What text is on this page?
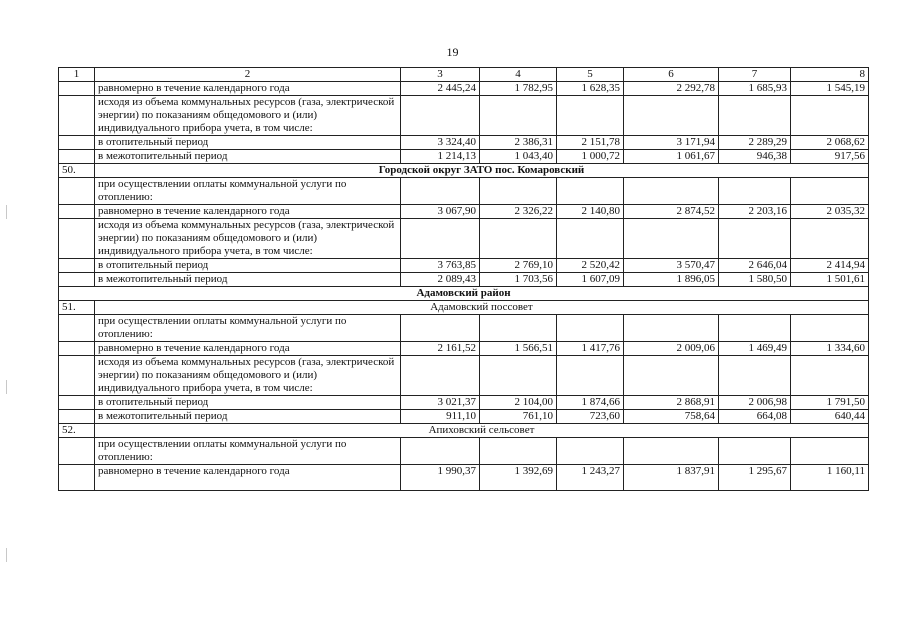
19
1	2	3	4	5	6	7	8
	равномерно в течение календарного года	2 445,24	1 782,95	1 628,35	2 292,78	1 685,93	1 545,19
	исходя из объема коммунальных ресурсов (газа, электрической энергии) по показаниям общедомового и (или) индивидуального прибора учета, в том числе:						
	в отопительный период	3 324,40	2 386,31	2 151,78	3 171,94	2 289,29	2 068,62
	в межотопительный период	1 214,13	1 043,40	1 000,72	1 061,67	946,38	917,56
50.	Городской округ ЗАТО пос. Комаровский						
	при осуществлении оплаты коммунальной услуги по отоплению:						
	равномерно в течение календарного года	3 067,90	2 326,22	2 140,80	2 874,52	2 203,16	2 035,32
	исходя из объема коммунальных ресурсов (газа, электрической энергии) по показаниям общедомового и (или) индивидуального прибора учета, в том числе:						
	в отопительный период	3 763,85	2 769,10	2 520,42	3 570,47	2 646,04	2 414,94
	в межотопительный период	2 089,43	1 703,56	1 607,09	1 896,05	1 580,50	1 501,61
Адамовский район							
51.	Адамовский поссовет						
	при осуществлении оплаты коммунальной услуги по отоплению:						
	равномерно в течение календарного года	2 161,52	1 566,51	1 417,76	2 009,06	1 469,49	1 334,60
	исходя из объема коммунальных ресурсов (газа, электрической энергии) по показаниям общедомового и (или) индивидуального прибора учета, в том числе:						
	в отопительный период	3 021,37	2 104,00	1 874,66	2 868,91	2 006,98	1 791,50
	в межотопительный период	911,10	761,10	723,60	758,64	664,08	640,44
52.	Апиховский сельсовет						
	при осуществлении оплаты коммунальной услуги по отоплению:						
	равномерно в течение календарного года	1 990,37	1 392,69	1 243,27	1 837,91	1 295,67	1 160,11
